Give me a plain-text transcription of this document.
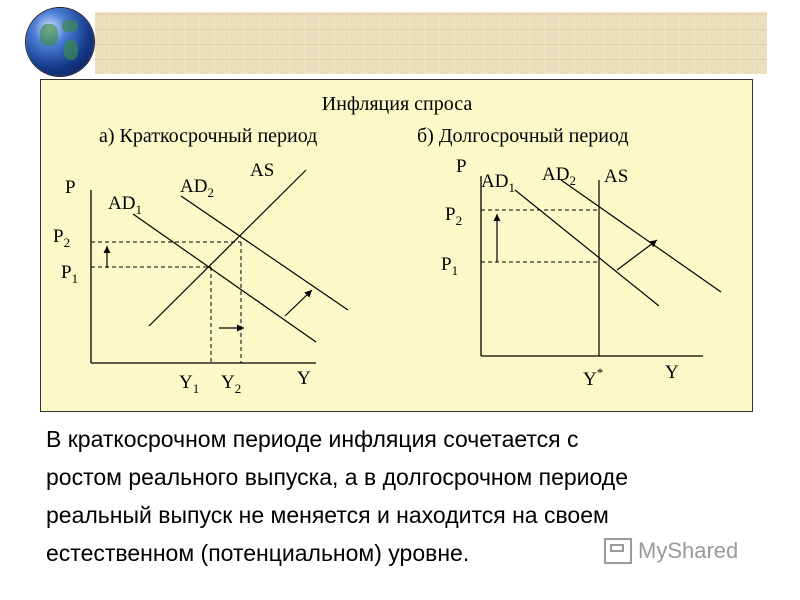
Инфляция спроса
а) Краткосрочный период	б) Долгосрочный период
P
Y
$AD_1$
$AD_2$
AS
$P_2$
$P_1$
$Y_1$ $Y_2$
P
Y
$AD_1$
$AD_2$ AS
$P_2$
$P_1$
Y*
В краткосрочном периоде инфляция сочетается с
ростом реального выпуска, а в долгосрочном периоде
реальный выпуск не меняется и находится на своем
естественном (потенциальном) уровне.	MyShared
